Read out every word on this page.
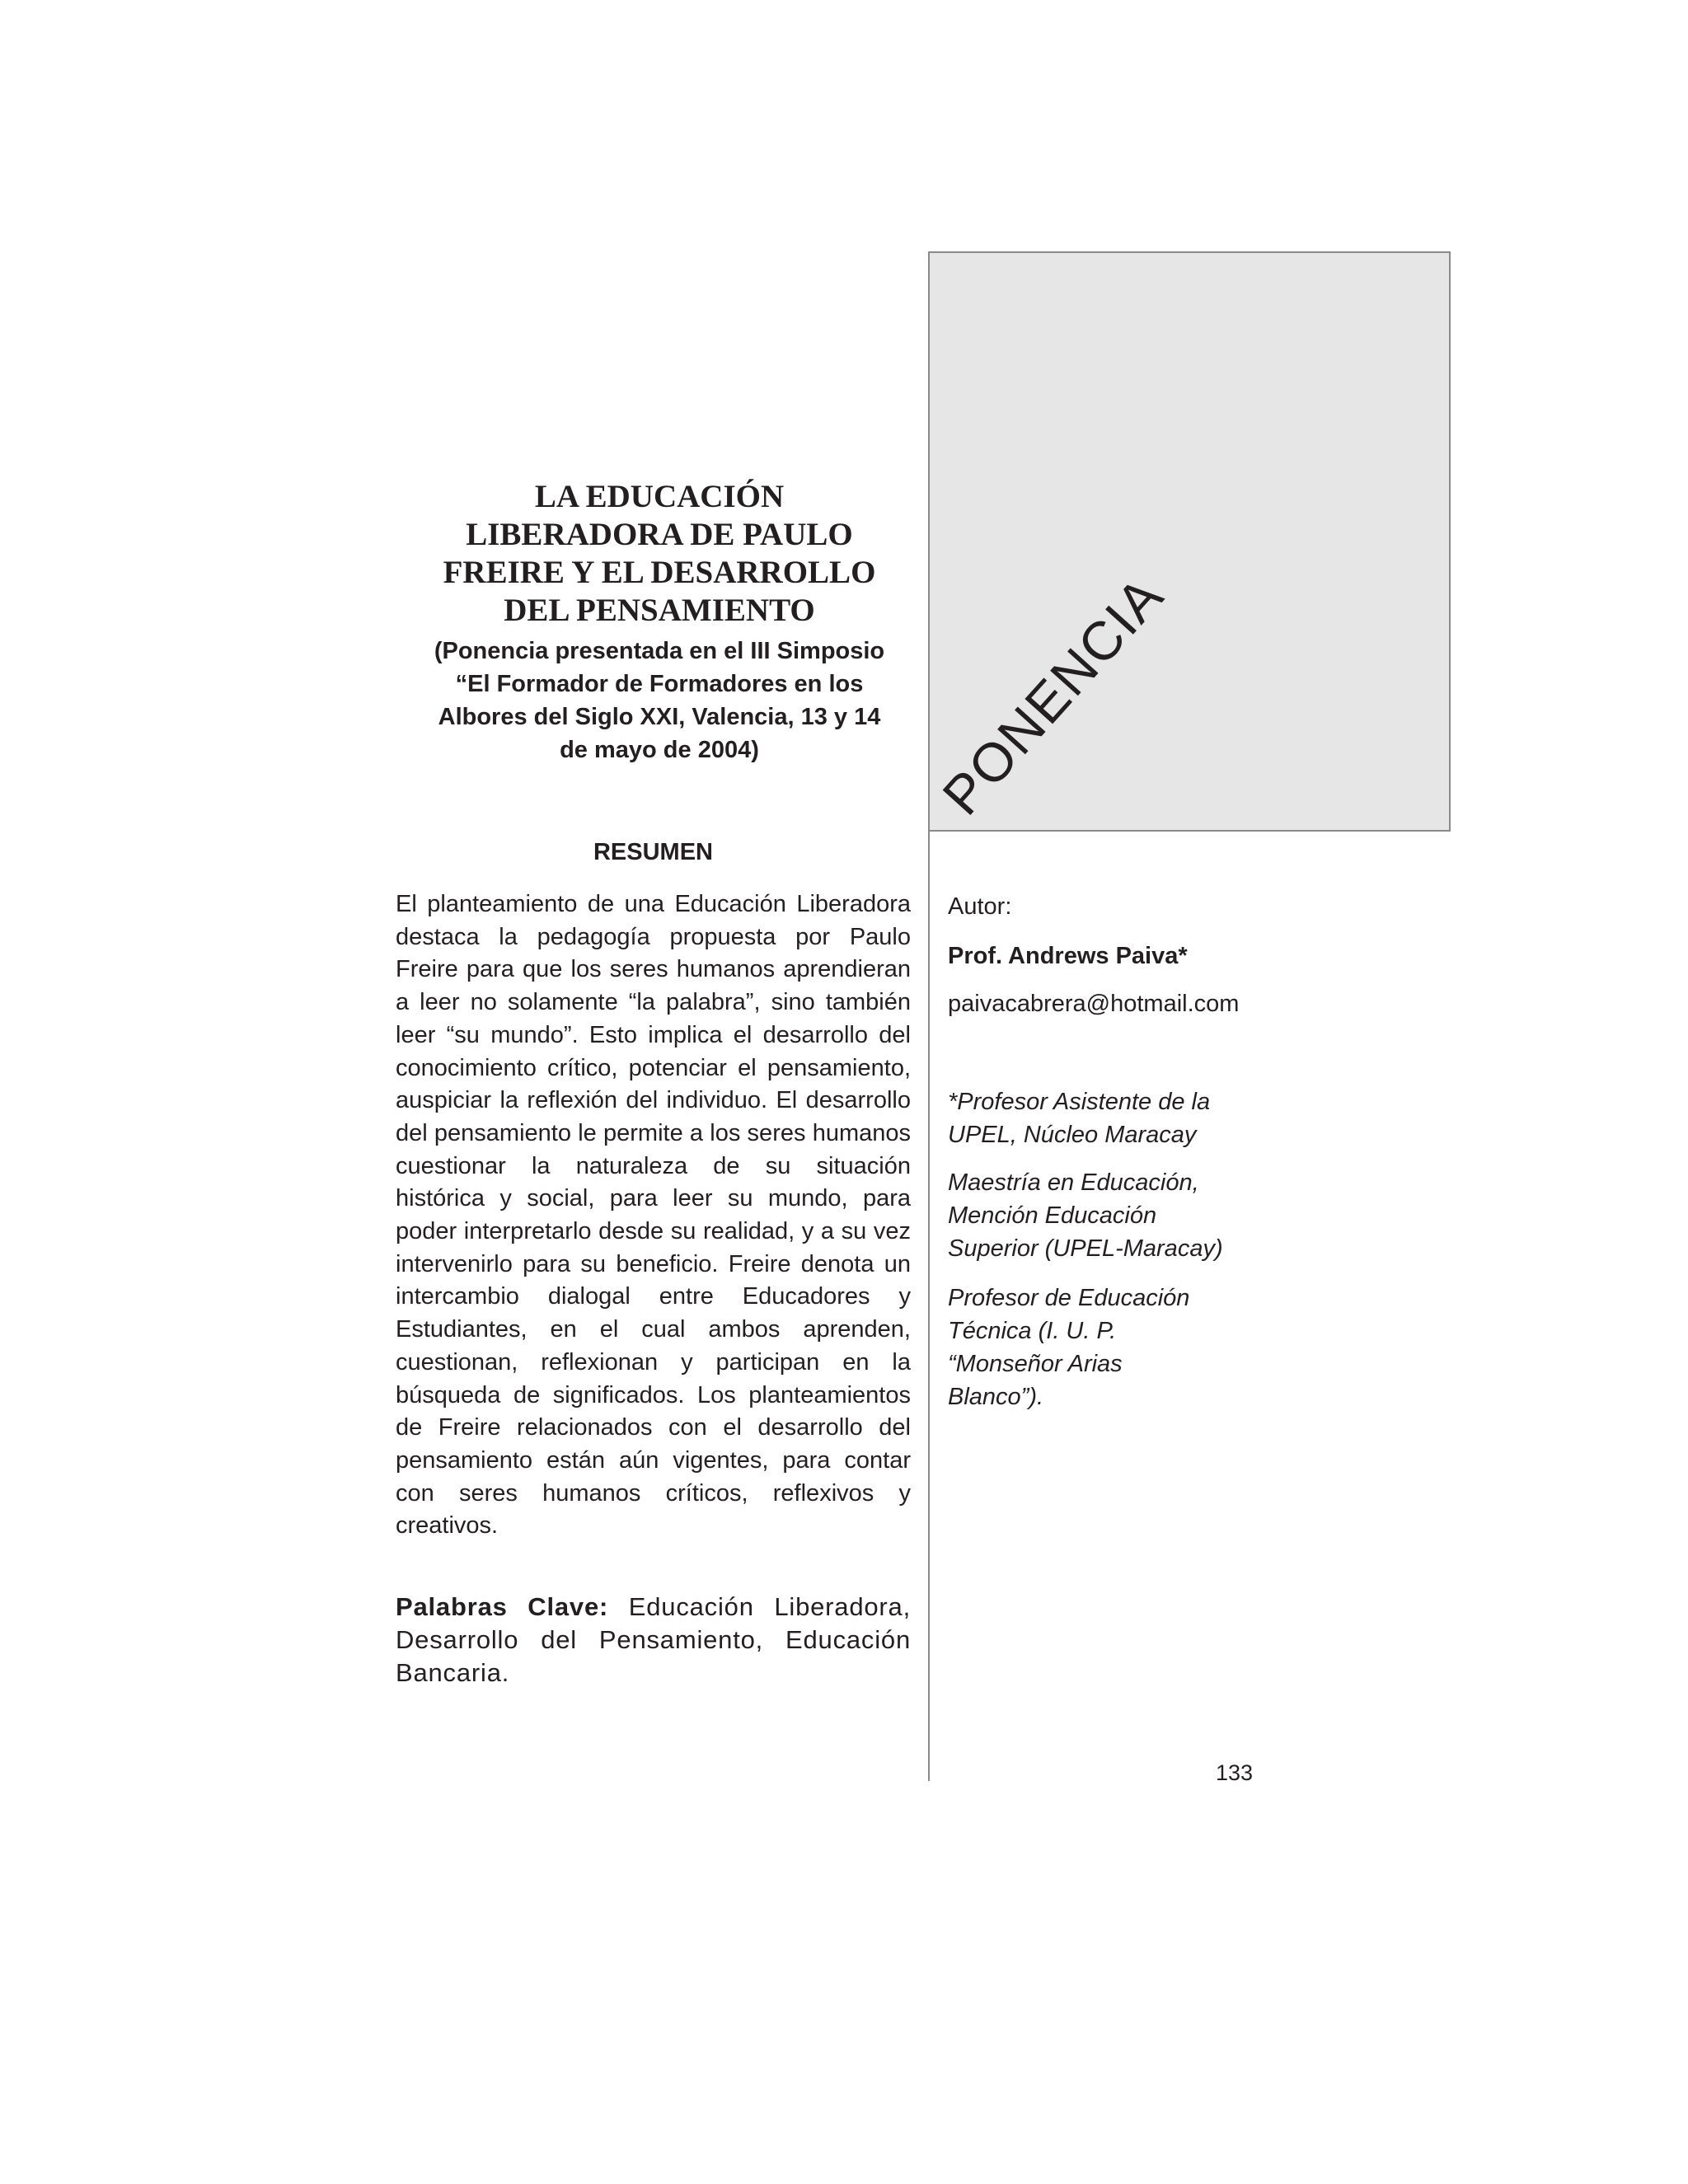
PONENCIA
LA EDUCACIÓN
LIBERADORA DE PAULO
FREIRE Y EL DESARROLLO
DEL PENSAMIENTO

(Ponencia presentada en el III Simposio
“El Formador de Formadores en los
Albores del Siglo XXI, Valencia, 13 y 14
de mayo de 2004)

RESUMEN

El planteamiento de una Educación Liberadora destaca la pedagogía propuesta por Paulo Freire para que los seres humanos aprendieran a leer no solamente “la palabra”, sino también leer “su mundo”. Esto implica el desarrollo del conocimiento crítico, potenciar el pensamiento, auspiciar la reflexión del individuo. El desarrollo del pensamiento le permite a los seres humanos cuestionar la naturaleza de su situación histórica y social, para leer su mundo, para poder interpretarlo desde su realidad, y a su vez intervenirlo para su beneficio. Freire denota un intercambio dialogal entre Educadores y Estudiantes, en el cual ambos aprenden, cuestionan, reflexionan y participan en la búsqueda de significados. Los planteamientos de Freire relacionados con el desarrollo del pensamiento están aún vigentes, para contar con seres humanos críticos, reflexivos y creativos.

Palabras Clave: Educación Liberadora, Desarrollo del Pensamiento, Educación Bancaria.

Autor:

Prof. Andrews Paiva*

paivacabrera@hotmail.com

*Profesor Asistente de la
UPEL, Núcleo Maracay
Maestría en Educación,
Mención Educación
Superior (UPEL-Maracay)
Profesor de Educación
Técnica (I. U. P.
“Monseñor Arias
Blanco”).

133
